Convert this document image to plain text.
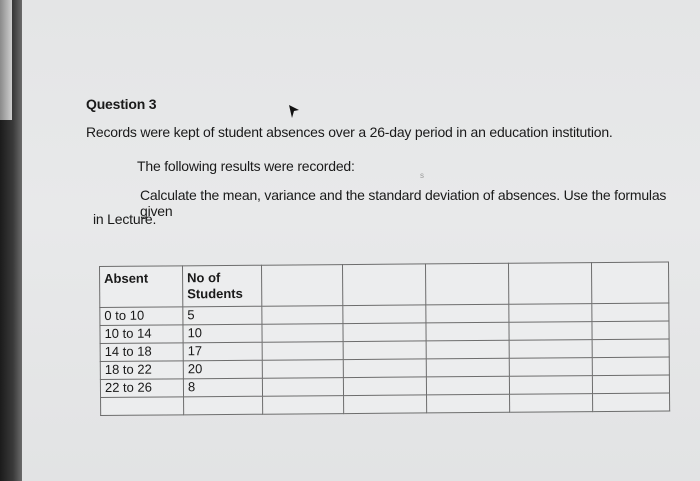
Question 3
Records were kept of student absences over a 26-day period in an education institution.
The following results were recorded:
s
Calculate the mean, variance and the standard deviation of absences. Use the formulas given
in Lecture.
Absent	No of Students					
0 to 10	5					
10 to 14	10					
14 to 18	17					
18 to 22	20					
22 to 26	8					
